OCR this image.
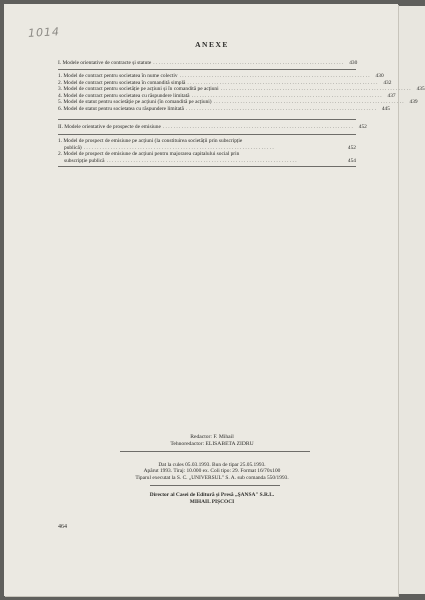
1014
ANEXE
I. Modele orientative de contracte și statute . . . . . . . . . . . . . . . . . . . . . . . . . . . . . . . . . . . . . . . . . . . . . . . . . . . . . . . . . . . . . . . . . . . . . . .	430
1. Model de contract pentru societatea în nume colectiv . . . . . . . . . . . . . . . . . . . . . . . . . . . . . . . . . . . . . . . . . . . . . . . . . . . . . . . . . . . . . . . . . . . . . . .	430
2. Model de contract pentru societatea în comandită simplă . . . . . . . . . . . . . . . . . . . . . . . . . . . . . . . . . . . . . . . . . . . . . . . . . . . . . . . . . . . . . . . . . . . . . . .	432
3. Model de contract pentru societăție pe acțiuni și în comandită pe acțiuni . . . . . . . . . . . . . . . . . . . . . . . . . . . . . . . . . . . . . . . . . . . . . . . . . . . . . . . . . . . . . . . . . . . . . . .	435
4. Model de contract pentru societatea cu răspundere limitată . . . . . . . . . . . . . . . . . . . . . . . . . . . . . . . . . . . . . . . . . . . . . . . . . . . . . . . . . . . . . . . . . . . . . . .	437
5. Model de statut pentru societăție pe acțiuni (în comandită pe acțiuni) . . . . . . . . . . . . . . . . . . . . . . . . . . . . . . . . . . . . . . . . . . . . . . . . . . . . . . . . . . . . . . . . . . . . . . .	439
6. Model de statut pentru societatea cu răspundere limitată . . . . . . . . . . . . . . . . . . . . . . . . . . . . . . . . . . . . . . . . . . . . . . . . . . . . . . . . . . . . . . . . . . . . . . .	445
II. Modele orientative de prospecte de emisiune . . . . . . . . . . . . . . . . . . . . . . . . . . . . . . . . . . . . . . . . . . . . . . . . . . . . . . . . . . . . . . . . . . . . . . .	452
1. Model de prospect de emisiune pe acțiuni (la constituirea societății prin subscripție
publică) . . . . . . . . . . . . . . . . . . . . . . . . . . . . . . . . . . . . . . . . . . . . . . . . . . . . . . . . . . . . . . . . . . . . . . .	452
2. Model de prospect de emisiune de acțiuni pentru majorarea capitalului social prin
subscripție publică . . . . . . . . . . . . . . . . . . . . . . . . . . . . . . . . . . . . . . . . . . . . . . . . . . . . . . . . . . . . . . . . . . . . . . .	454
Redactor: F. Mihail
Tehnoredactor: ELISABETA ZIDRU
Dat la cules 05.03.1993. Bun de tipar 25.05.1993.
Apărut 1993. Tiraj: 10.000 ex. Coli tipo: 29. Format 16/70x100
Tiparul executat la S. C. „UNIVERSUL" S. A. sub comanda 550/1993.
Director al Casei de Editură și Presă „ŞANSA" S.R.L.
MIHAIL PIȘCOCI
464
